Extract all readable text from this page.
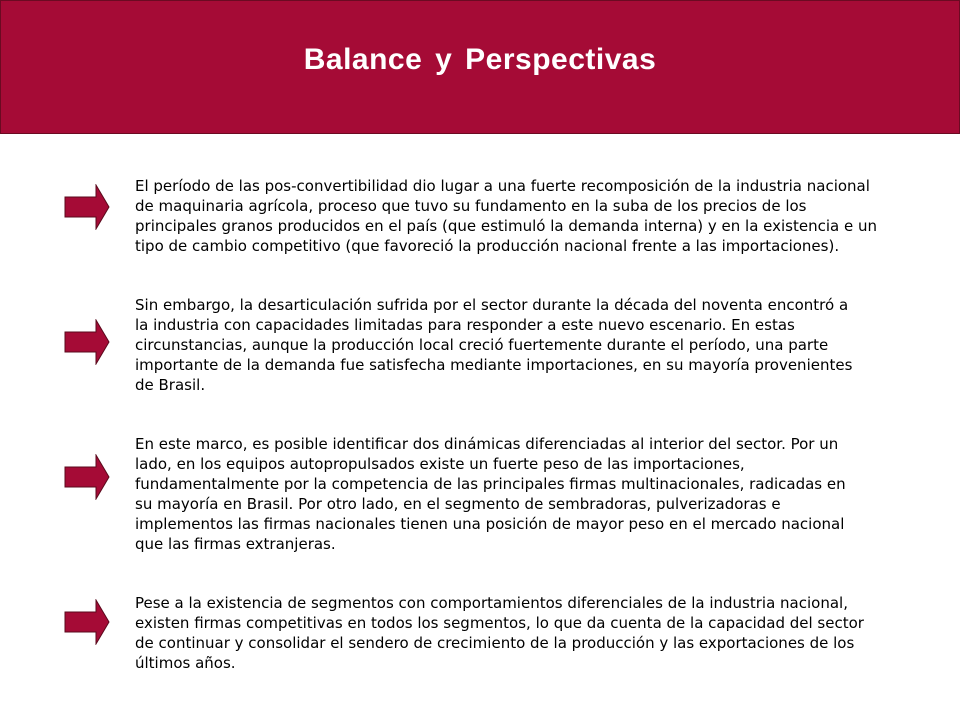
Balance y Perspectivas

El período de las pos-convertibilidad dio lugar a una fuerte recomposición de la industria nacional
de maquinaria agrícola, proceso que tuvo su fundamento en la suba de los precios de los
principales granos producidos en el país (que estimuló la demanda interna) y en la existencia e un
tipo de cambio competitivo (que favoreció la producción nacional frente a las importaciones).

Sin embargo, la desarticulación sufrida por el sector durante la década del noventa encontró a
la industria con capacidades limitadas para responder a este nuevo escenario. En estas
circunstancias, aunque la producción local creció fuertemente durante el período, una parte
importante de la demanda fue satisfecha mediante importaciones, en su mayoría provenientes
de Brasil.

En este marco, es posible identificar dos dinámicas diferenciadas al interior del sector. Por un
lado, en los equipos autopropulsados existe un fuerte peso de las importaciones,
fundamentalmente por la competencia de las principales firmas multinacionales, radicadas en
su mayoría en Brasil. Por otro lado, en el segmento de sembradoras, pulverizadoras e
implementos las firmas nacionales tienen una posición de mayor peso en el mercado nacional
que las firmas extranjeras.

Pese a la existencia de segmentos con comportamientos diferenciales de la industria nacional,
existen firmas competitivas en todos los segmentos, lo que da cuenta de la capacidad del sector
de continuar y consolidar el sendero de crecimiento de la producción y las exportaciones de los
últimos años.
